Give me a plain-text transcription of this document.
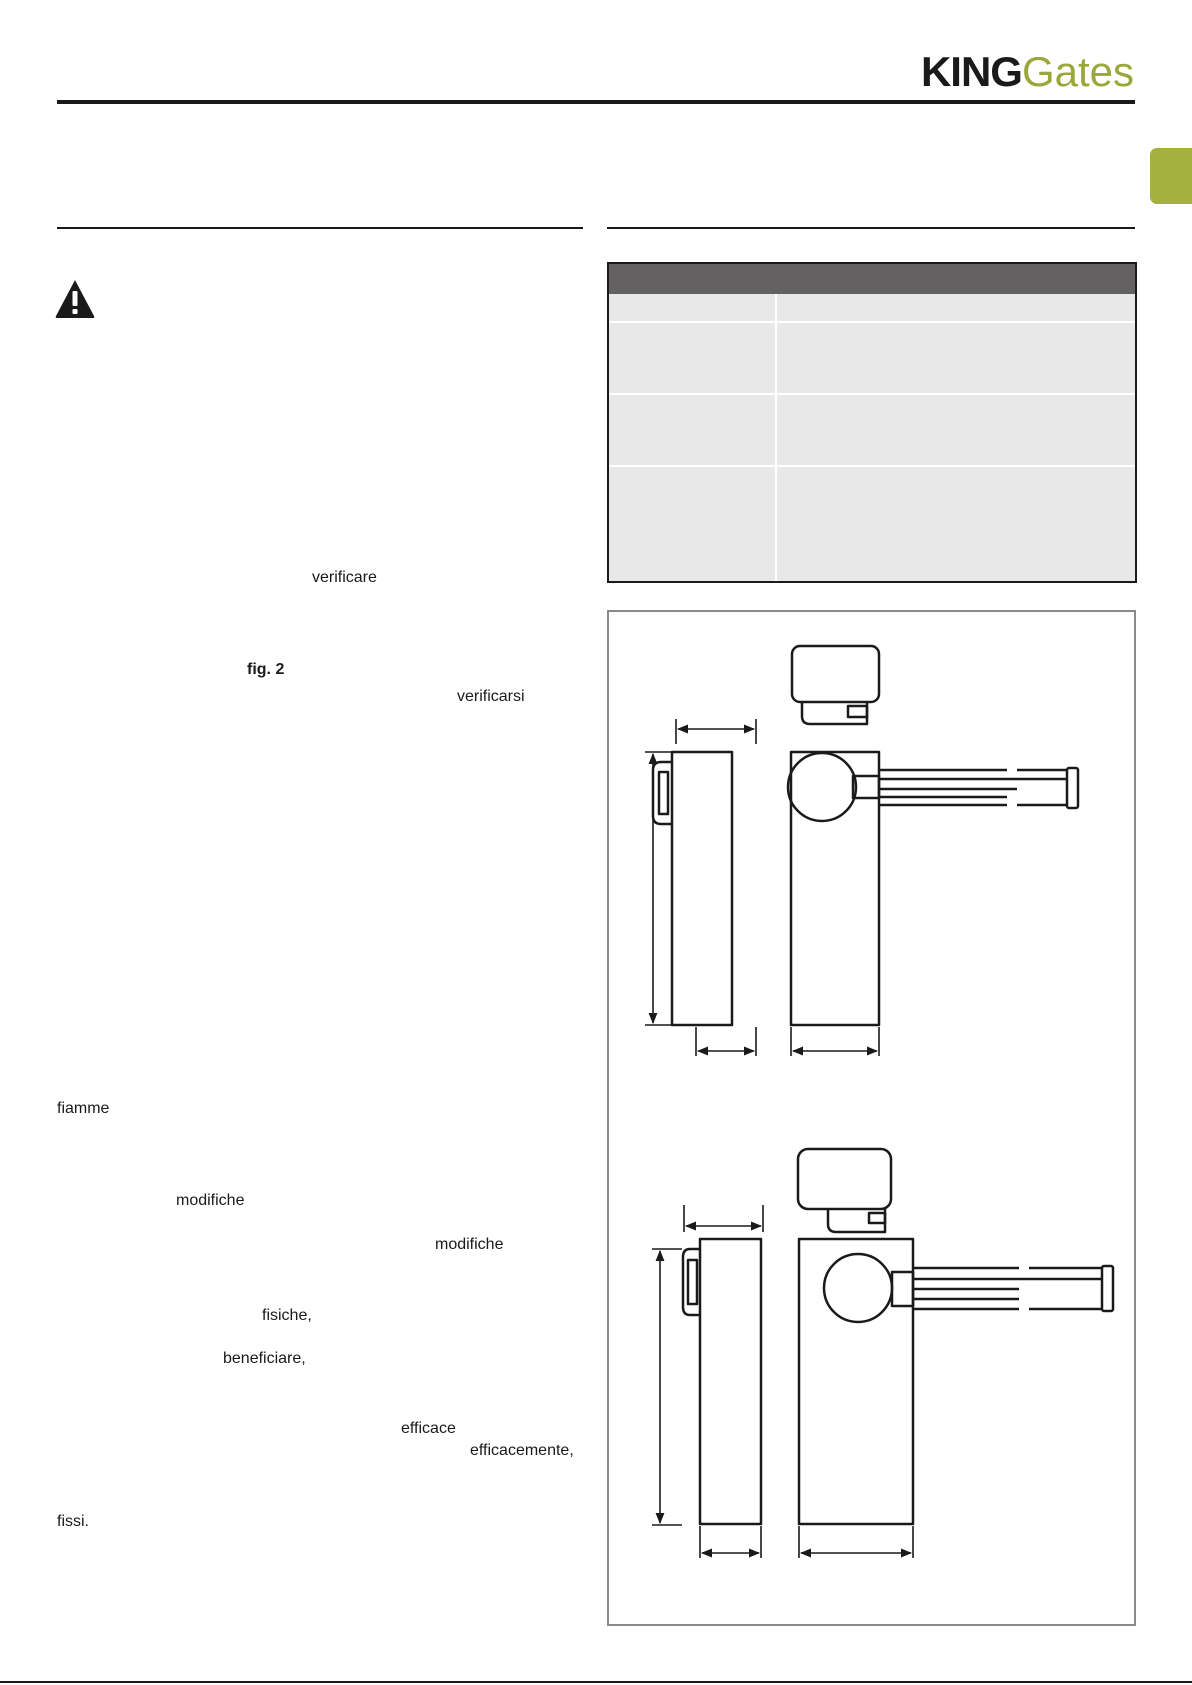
KINGGates
verificare
fig. 2
verificarsi
fiamme
modifiche
modifiche
fisiche,
beneficiare,
efficace
efficacemente,
fissi.
